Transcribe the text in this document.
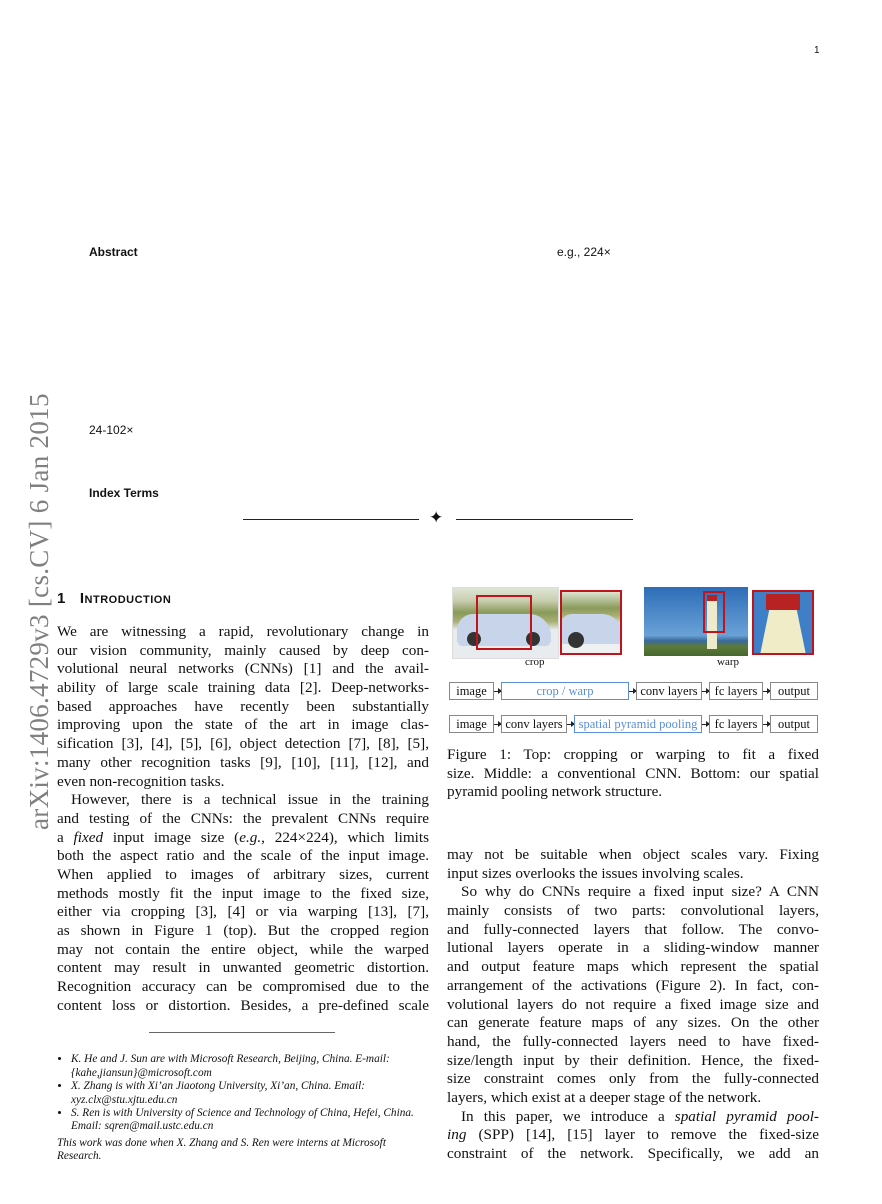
1
arXiv:1406.4729v3 [cs.CV] 6 Jan 2015
Abstract	e.g., 224×
24-102×
Index Terms
✦
1 Introduction
We are witnessing a rapid, revolutionary change in
our vision community, mainly caused by deep con-
volutional neural networks (CNNs) [1] and the avail-
ability of large scale training data [2]. Deep-networks-
based approaches have recently been substantially
improving upon the state of the art in image clas-
sification [3], [4], [5], [6], object detection [7], [8], [5],
many other recognition tasks [9], [10], [11], [12], and
even non-recognition tasks.
However, there is a technical issue in the training
and testing of the CNNs: the prevalent CNNs require
a fixed input image size (e.g., 224×224), which limits
both the aspect ratio and the scale of the input image.
When applied to images of arbitrary sizes, current
methods mostly fit the input image to the fixed size,
either via cropping [3], [4] or via warping [13], [7],
as shown in Figure 1 (top). But the cropped region
may not contain the entire object, while the warped
content may result in unwanted geometric distortion.
Recognition accuracy can be compromised due to the
content loss or distortion. Besides, a pre-defined scale
may not be suitable when object scales vary. Fixing
input sizes overlooks the issues involving scales.
So why do CNNs require a fixed input size? A CNN
mainly consists of two parts: convolutional layers,
and fully-connected layers that follow. The convo-
lutional layers operate in a sliding-window manner
and output feature maps which represent the spatial
arrangement of the activations (Figure 2). In fact, con-
volutional layers do not require a fixed image size and
can generate feature maps of any sizes. On the other
hand, the fully-connected layers need to have fixed-
size/length input by their definition. Hence, the fixed-
size constraint comes only from the fully-connected
layers, which exist at a deeper stage of the network.
In this paper, we introduce a spatial pyramid pool-
ing (SPP) [14], [15] layer to remove the fixed-size
constraint of the network. Specifically, we add an
crop	warp
image	crop / warp	conv layers	fc layers	output
image	conv layers	spatial pyramid pooling	fc layers	output
Figure 1: Top: cropping or warping to fit a fixed
size. Middle: a conventional CNN. Bottom: our spatial
pyramid pooling network structure.
• K. He and J. Sun are with Microsoft Research, Beijing, China. E-mail: {kahe,jiansun}@microsoft.com
• X. Zhang is with Xi’an Jiaotong University, Xi’an, China. Email: xyz.clx@stu.xjtu.edu.cn
• S. Ren is with University of Science and Technology of China, Hefei, China. Email: sqren@mail.ustc.edu.cn
This work was done when X. Zhang and S. Ren were interns at Microsoft Research.
